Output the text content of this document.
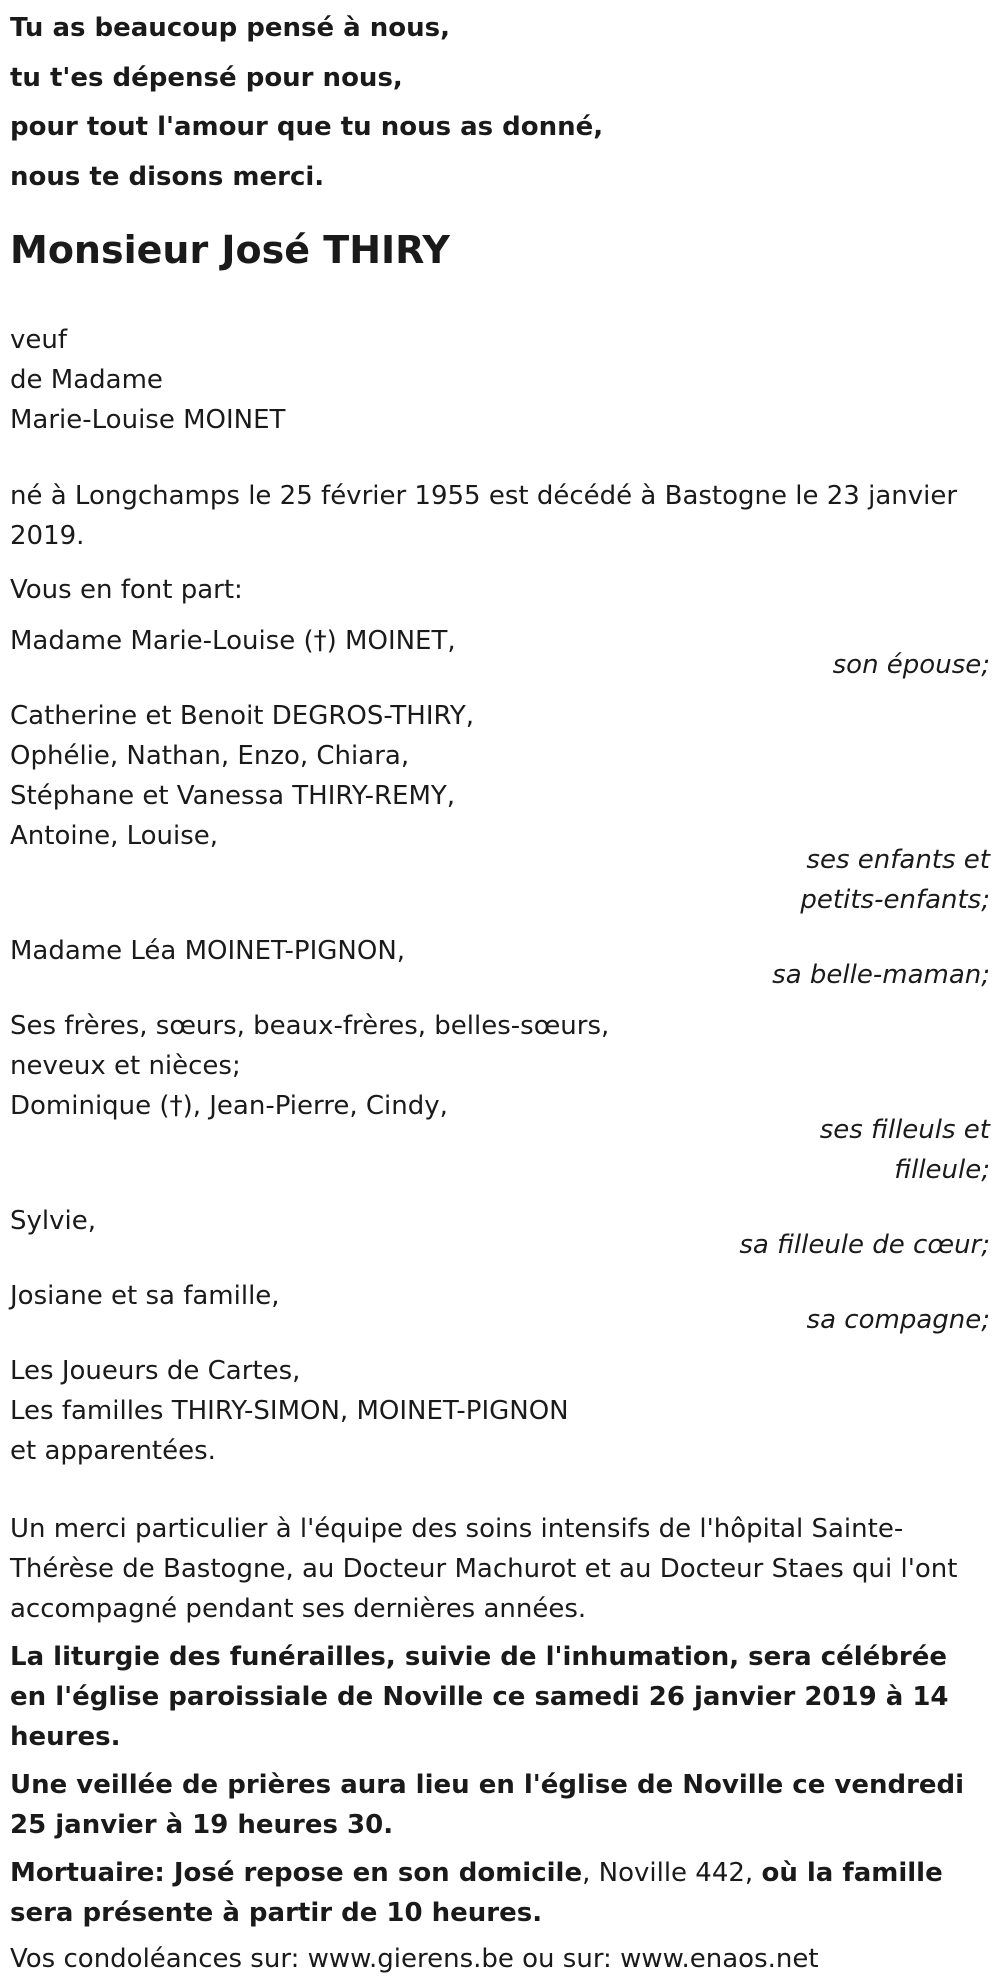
Tu as beaucoup pensé à nous,
tu t'es dépensé pour nous,
pour tout l'amour que tu nous as donné,
nous te disons merci.
Monsieur José THIRY
veuf
de Madame
Marie-Louise MOINET
né à Longchamps le 25 février 1955 est décédé à Bastogne le 23 janvier 2019.
Vous en font part:
Madame Marie-Louise (†) MOINET,
son épouse;
Catherine et Benoit DEGROS-THIRY,
Ophélie, Nathan, Enzo, Chiara,
Stéphane et Vanessa THIRY-REMY,
Antoine, Louise,
ses enfants et
petits-enfants;
Madame Léa MOINET-PIGNON,
sa belle-maman;
Ses frères, sœurs, beaux-frères, belles-sœurs,
neveux et nièces;
Dominique (†), Jean-Pierre, Cindy,
ses filleuls et
filleule;
Sylvie,
sa filleule de cœur;
Josiane et sa famille,
sa compagne;
Les Joueurs de Cartes,
Les familles THIRY-SIMON, MOINET-PIGNON
et apparentées.
Un merci particulier à l'équipe des soins intensifs de l'hôpital Sainte-Thérèse de Bastogne, au Docteur Machurot et au Docteur Staes qui l'ont accompagné pendant ses dernières années.
La liturgie des funérailles, suivie de l'inhumation, sera célébrée en l'église paroissiale de Noville ce samedi 26 janvier 2019 à 14 heures.
Une veillée de prières aura lieu en l'église de Noville ce vendredi 25 janvier à 19 heures 30.
Mortuaire: José repose en son domicile, Noville 442, où la famille sera présente à partir de 10 heures.
Vos condoléances sur: www.gierens.be ou sur: www.enaos.net
